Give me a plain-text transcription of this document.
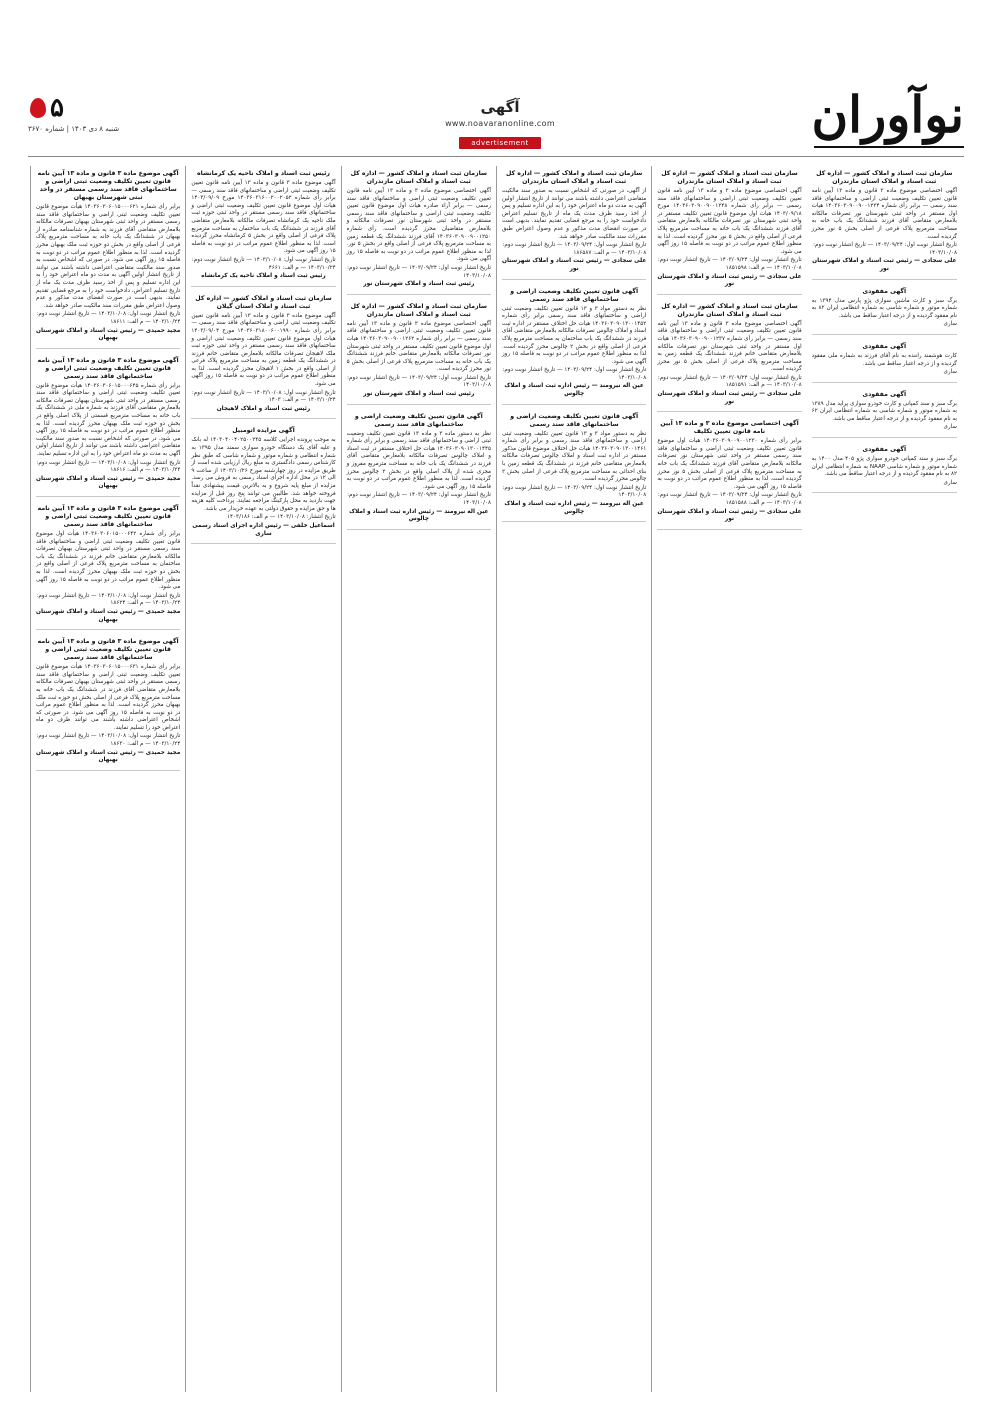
نوآوران
آگهی
www.noavaranonline.com
advertisement
۵
شنبه ۸ دی ۱۴۰۳ | شماره ۳۶۷۰
آگهی موضوع ماده ۳ قانون و ماده ۱۳ آیین نامه قانون تعیین تکلیف وضعیت ثبتی اراضی و ساختمانهای فاقد سند رسمی مستقر در واحد ثبتی شهرستان بهبهان

برابر رأی شماره ۱۴۰۳۶۰۳۰۶۰۱۵۰۰۰۶۲۱ هیأت موضوع قانون تعیین تکلیف وضعیت ثبتی اراضی و ساختمانهای فاقد سند رسمی مستقر در واحد ثبتی شهرستان بهبهان تصرفات مالکانه بلامعارض متقاضی آقای فرزند به شماره شناسنامه صادره از بهبهان در ششدانگ یک باب خانه به مساحت مترمربع پلاک فرعی از اصلی واقع در بخش دو حوزه ثبت ملک بهبهان محرز گردیده است. لذا به منظور اطلاع عموم مراتب در دو نوبت به فاصله ۱۵ روز آگهی می شود. در صورتی که اشخاص نسبت به صدور سند مالکیت متقاضی اعتراضی داشته باشند می توانند از تاریخ انتشار اولین آگهی به مدت دو ماه اعتراض خود را به این اداره تسلیم و پس از اخذ رسید ظرف مدت یک ماه از تاریخ تسلیم اعتراض، دادخواست خود را به مرجع قضایی تقدیم نمایند. بدیهی است در صورت انقضای مدت مذکور و عدم وصول اعتراض طبق مقررات سند مالکیت صادر خواهد شد.

تاریخ انتشار نوبت اول: ۱۴۰۳/۱۰/۰۸ — تاریخ انتشار نوبت دوم: ۱۴۰۳/۱۰/۲۴ — م الف: ۱۸۶۱۱
مجید حمیدی — رئیس ثبت اسناد و املاک شهرستان بهبهان
آگهی موضوع ماده ۳ قانون و ماده ۱۳ آیین نامه قانون تعیین تکلیف وضعیت ثبتی اراضی و ساختمانهای فاقد سند رسمی

برابر رأی شماره ۱۴۰۳۶۰۳۰۶۰۱۵۰۰۰۶۴۵ هیأت موضوع قانون تعیین تکلیف وضعیت ثبتی اراضی و ساختمانهای فاقد سند رسمی مستقر در واحد ثبتی شهرستان بهبهان تصرفات مالکانه بلامعارض متقاضی آقای فرزند به شماره ملی در ششدانگ یک باب خانه به مساحت مترمربع قسمتی از پلاک اصلی واقع در بخش دو حوزه ثبت ملک بهبهان محرز گردیده است. لذا به منظور اطلاع عموم مراتب در دو نوبت به فاصله ۱۵ روز آگهی می شود. در صورتی که اشخاص نسبت به صدور سند مالکیت متقاضی اعتراضی داشته باشند می توانند از تاریخ انتشار اولین آگهی به مدت دو ماه اعتراض خود را به این اداره تسلیم نمایند.

تاریخ انتشار نوبت اول: ۱۴۰۳/۱۰/۰۸ — تاریخ انتشار نوبت دوم: ۱۴۰۳/۱۰/۲۴ — م الف: ۱۸۶۱۶
مجید حمیدی — رئیس ثبت اسناد و املاک شهرستان بهبهان
آگهی موضوع ماده ۳ قانون و ماده ۱۳ آیین نامه قانون تعیین تکلیف وضعیت ثبتی اراضی و ساختمانهای فاقد سند رسمی

برابر رأی شماره ۱۴۰۳۶۰۳۰۶۰۱۵۰۰۰۶۴۲ هیأت اول موضوع قانون تعیین تکلیف وضعیت ثبتی اراضی و ساختمانهای فاقد سند رسمی مستقر در واحد ثبتی شهرستان بهبهان تصرفات مالکانه بلامعارض متقاضی خانم فرزند در ششدانگ یک باب ساختمان به مساحت مترمربع پلاک فرعی از اصلی واقع در بخش دو حوزه ثبت ملک بهبهان محرز گردیده است. لذا به منظور اطلاع عموم مراتب در دو نوبت به فاصله ۱۵ روز آگهی می شود.

تاریخ انتشار نوبت اول: ۱۴۰۳/۱۰/۰۸ — تاریخ انتشار نوبت دوم: ۱۴۰۳/۱۰/۲۴ — م الف: ۱۸۶۲۴
مجید حمیدی — رئیس ثبت اسناد و املاک شهرستان بهبهان
آگهی موضوع ماده ۳ قانون و ماده ۱۳ آیین نامه قانون تعیین تکلیف وضعیت ثبتی اراضی و ساختمانهای فاقد سند رسمی

برابر رأی شماره ۱۴۰۳۶۰۳۰۶۰۱۵۰۰۰۶۳۱ هیأت موضوع قانون تعیین تکلیف وضعیت ثبتی اراضی و ساختمانهای فاقد سند رسمی مستقر در واحد ثبتی شهرستان بهبهان تصرفات مالکانه بلامعارض متقاضی آقای فرزند در ششدانگ یک باب خانه به مساحت مترمربع پلاک فرعی از اصلی بخش دو حوزه ثبت ملک بهبهان محرز گردیده است. لذا به منظور اطلاع عموم مراتب در دو نوبت به فاصله ۱۵ روز آگهی می شود. در صورتی که اشخاص اعتراضی داشته باشند می توانند ظرف دو ماه اعتراض خود را تسلیم نمایند.

تاریخ انتشار نوبت اول: ۱۴۰۳/۱۰/۰۸ — تاریخ انتشار نوبت دوم: ۱۴۰۳/۱۰/۲۴ — م الف: ۱۸۶۳۰
مجید حمیدی — رئیس ثبت اسناد و املاک شهرستان بهبهان
رئیس ثبت اسناد و املاک ناحیه یک کرمانشاه

آگهی موضوع ماده ۳ قانون و ماده ۱۳ آیین نامه قانون تعیین تکلیف وضعیت ثبتی اراضی و ساختمانهای فاقد سند رسمی — برابر رأی شماره ۱۴۰۳۶۰۳۱۶۰۰۲۰۰۲۰۵۲ مورخ ۱۴۰۳/۰۹/۰۹ هیات اول موضوع قانون تعیین تکلیف وضعیت ثبتی اراضی و ساختمانهای فاقد سند رسمی مستقر در واحد ثبتی حوزه ثبت ملک ناحیه یک کرمانشاه تصرفات مالکانه بلامعارض متقاضی آقای فرزند در ششدانگ یک باب ساختمان به مساحت مترمربع پلاک فرعی از اصلی واقع در بخش ۵ کرمانشاه محرز گردیده است. لذا به منظور اطلاع عموم مراتب در دو نوبت به فاصله ۱۵ روز آگهی می شود.

تاریخ انتشار نوبت اول: ۱۴۰۳/۱۰/۰۸ — تاریخ انتشار نوبت دوم: ۱۴۰۳/۱۰/۲۴ — م الف: ۴۶۶۱
رئیس ثبت اسناد و املاک ناحیه یک کرمانشاه
سازمان ثبت اسناد و املاک کشور — اداره کل ثبت اسناد و املاک استان گیلان

آگهی موضوع ماده ۳ قانون و ماده ۱۳ آیین نامه قانون تعیین تکلیف وضعیت ثبتی اراضی و ساختمانهای فاقد سند رسمی — برابر رأی شماره ۱۴۰۳۶۰۳۱۸۰۰۶۰۰۱۹۹۰ مورخ ۱۴۰۳/۰۹/۰۴ هیات اول موضوع قانون تعیین تکلیف وضعیت ثبتی اراضی و ساختمانهای فاقد سند رسمی مستقر در واحد ثبتی حوزه ثبت ملک لاهیجان تصرفات مالکانه بلامعارض متقاضی خانم فرزند در ششدانگ یک قطعه زمین به مساحت مترمربع پلاک فرعی از اصلی واقع در بخش ۱ لاهیجان محرز گردیده است. لذا به منظور اطلاع عموم مراتب در دو نوبت به فاصله ۱۵ روز آگهی می شود.

تاریخ انتشار نوبت اول: ۱۴۰۳/۱۰/۰۸ — تاریخ انتشار نوبت دوم: ۱۴۰۳/۱۰/۲۴ — م الف: ۱۴۰۳
رئیس ثبت اسناد و املاک لاهیجان
آگهی مزایده اتومبیل

به موجب پرونده اجرایی کلاسه ۱۴۰۳۰۴۰۰۴۰۲۵۰۰۲۴۵ له بانک و علیه آقای یک دستگاه خودرو سواری سمند مدل ۱۳۹۵ به شماره انتظامی و شماره موتور و شماره شاسی که طبق نظر کارشناس رسمی دادگستری به مبلغ ریال ارزیابی شده است از طریق مزایده در روز چهارشنبه مورخ ۱۴۰۳/۱۰/۲۶ از ساعت ۹ الی ۱۲ در محل اداره اجرای اسناد رسمی به فروش می رسد. مزایده از مبلغ پایه شروع و به بالاترین قیمت پیشنهادی نقداً فروخته خواهد شد. طالبین می توانند پنج روز قبل از مزایده جهت بازدید به محل پارکینگ مراجعه نمایند. پرداخت کلیه هزینه ها و حق مزایده و حقوق دولتی به عهده خریدار می باشد.

تاریخ انتشار: ۱۴۰۳/۱۰/۰۸ — م الف: ۱۴۰۳/۱۸۶
اسماعیل خلفی — رئیس اداره اجرای اسناد رسمی ساری
سازمان ثبت اسناد و املاک کشور — اداره کل ثبت اسناد و املاک استان مازندران

آگهی اختصاصی موضوع ماده ۳ و ماده ۱۳ آیین نامه قانون تعیین تکلیف وضعیت ثبتی اراضی و ساختمانهای فاقد سند رسمی — برابر آراء صادره هیات اول موضوع قانون تعیین تکلیف وضعیت ثبتی اراضی و ساختمانهای فاقد سند رسمی مستقر در واحد ثبتی شهرستان نور تصرفات مالکانه و بلامعارض متقاضیان محرز گردیده است. رأی شماره ۱۴۰۳۶۰۳۰۹۰۰۹۰۰۱۲۵۰ آقای فرزند ششدانگ یک قطعه زمین به مساحت مترمربع پلاک فرعی از اصلی واقع در بخش ۵ نور. لذا به منظور اطلاع عموم مراتب در دو نوبت به فاصله ۱۵ روز آگهی می شود.

تاریخ انتشار نوبت اول: ۱۴۰۳/۰۹/۲۴ — تاریخ انتشار نوبت دوم: ۱۴۰۳/۱۰/۰۸
رئیس ثبت اسناد و املاک شهرستان نور
سازمان ثبت اسناد و املاک کشور — اداره کل ثبت اسناد و املاک استان مازندران

آگهی اختصاصی موضوع ماده ۳ قانون و ماده ۱۳ آیین نامه قانون تعیین تکلیف وضعیت ثبتی اراضی و ساختمانهای فاقد سند رسمی — برابر رأی شماره ۱۴۰۳۶۰۳۰۹۰۰۹۰۰۱۲۶۲ هیات اول موضوع قانون تعیین تکلیف مستقر در واحد ثبتی شهرستان نور تصرفات مالکانه بلامعارض متقاضی خانم فرزند ششدانگ یک باب خانه به مساحت مترمربع پلاک فرعی از اصلی بخش ۵ نور محرز گردیده است.

تاریخ انتشار نوبت اول: ۱۴۰۳/۰۹/۲۴ — تاریخ انتشار نوبت دوم: ۱۴۰۳/۱۰/۰۸
رئیس ثبت اسناد و املاک شهرستان نور
آگهی قانون تعیین تکلیف وضعیت اراضی و ساختمانهای فاقد سند رسمی

نظر به دستور ماده ۳ و ماده ۱۳ قانون تعیین تکلیف وضعیت ثبتی اراضی و ساختمانهای فاقد سند رسمی و برابر رأی شماره ۱۴۰۳۶۰۳۰۹۰۱۳۰۰۱۴۴۵ هیات حل اختلاف مستقر در ثبت اسناد و املاک چالوس تصرفات مالکانه بلامعارض متقاضی آقای فرزند در ششدانگ یک باب خانه به مساحت مترمربع مفروز و مجزی شده از پلاک اصلی واقع در بخش ۲ چالوس محرز گردیده است. لذا به منظور اطلاع عموم مراتب در دو نوبت به فاصله ۱۵ روز آگهی می شود.

تاریخ انتشار نوبت اول: ۱۴۰۳/۰۹/۲۴ — تاریخ انتشار نوبت دوم: ۱۴۰۳/۱۰/۰۸
عین اله نیرومند — رئیس اداره ثبت اسناد و املاک چالوس
سازمان ثبت اسناد و املاک کشور — اداره کل ثبت اسناد و املاک استان مازندران

از آگهی، در صورتی که اشخاص نسبت به صدور سند مالکیت متقاضی اعتراضی داشته باشند می توانند از تاریخ انتشار اولین آگهی به مدت دو ماه اعتراض خود را به این اداره تسلیم و پس از اخذ رسید ظرف مدت یک ماه از تاریخ تسلیم اعتراض دادخواست خود را به مرجع قضایی تقدیم نمایند. بدیهی است در صورت انقضای مدت مذکور و عدم وصول اعتراض طبق مقررات سند مالکیت صادر خواهد شد.

تاریخ انتشار نوبت اول: ۱۴۰۳/۰۹/۲۴ — تاریخ انتشار نوبت دوم: ۱۴۰۳/۱۰/۰۸ — م الف: ۱۸۶۵۸۷
علی سجادی — رئیس ثبت اسناد و املاک شهرستان نور
آگهی قانون تعیین تکلیف وضعیت اراضی و ساختمانهای فاقد سند رسمی

نظر به دستور مواد ۳ و ۱۳ قانون تعیین تکلیف وضعیت ثبتی اراضی و ساختمانهای فاقد سند رسمی برابر رأی شماره ۱۴۰۳۶۰۳۰۹۰۱۳۰۰۱۴۵۲ هیات حل اختلاف مستقر در اداره ثبت اسناد و املاک چالوس تصرفات مالکانه بلامعارض متقاضی آقای فرزند در ششدانگ یک باب ساختمان به مساحت مترمربع پلاک فرعی از اصلی واقع در بخش ۲ چالوس محرز گردیده است. لذا به منظور اطلاع عموم مراتب در دو نوبت به فاصله ۱۵ روز آگهی می شود.

تاریخ انتشار نوبت اول: ۱۴۰۳/۰۹/۲۴ — تاریخ انتشار نوبت دوم: ۱۴۰۳/۱۰/۰۸
عین اله نیرومند — رئیس اداره ثبت اسناد و املاک چالوس
آگهی قانون تعیین تکلیف وضعیت اراضی و ساختمانهای فاقد سند رسمی

نظر به دستور مواد ۳ و ۱۳ قانون تعیین تکلیف وضعیت ثبتی اراضی و ساختمانهای فاقد سند رسمی و برابر رأی شماره ۱۴۰۳۶۰۳۰۹۰۱۳۰۰۱۴۶۱ هیات حل اختلاف موضوع قانون مذکور مستقر در اداره ثبت اسناد و املاک چالوس تصرفات مالکانه بلامعارض متقاضی خانم فرزند در ششدانگ یک قطعه زمین با بنای احداثی به مساحت مترمربع پلاک فرعی از اصلی بخش ۲ چالوس محرز گردیده است.

تاریخ انتشار نوبت اول: ۱۴۰۳/۰۹/۲۴ — تاریخ انتشار نوبت دوم: ۱۴۰۳/۱۰/۰۸
عین اله نیرومند — رئیس اداره ثبت اسناد و املاک چالوس
سازمان ثبت اسناد و املاک کشور — اداره کل ثبت اسناد و املاک استان مازندران

آگهی اختصاصی موضوع ماده ۳ و ماده ۱۳ آیین نامه قانون تعیین تکلیف وضعیت ثبتی اراضی و ساختمانهای فاقد سند رسمی — برابر رأی شماره ۱۴۰۳۶۰۳۰۹۰۰۹۰۰۱۲۴۸ مورخ ۱۴۰۳/۰۹/۱۸ هیات اول موضوع قانون تعیین تکلیف مستقر در واحد ثبتی شهرستان نور تصرفات مالکانه بلامعارض متقاضی آقای فرزند ششدانگ یک باب خانه به مساحت مترمربع پلاک فرعی از اصلی واقع در بخش ۵ نور محرز گردیده است. لذا به منظور اطلاع عموم مراتب در دو نوبت به فاصله ۱۵ روز آگهی می شود.

تاریخ انتشار نوبت اول: ۱۴۰۳/۰۹/۲۴ — تاریخ انتشار نوبت دوم: ۱۴۰۳/۱۰/۰۸ — م الف: ۱۸۵۱۵۹۸
علی سجادی — رئیس ثبت اسناد و املاک شهرستان نور
سازمان ثبت اسناد و املاک کشور — اداره کل ثبت اسناد و املاک استان مازندران

آگهی اختصاصی موضوع ماده ۳ قانون و ماده ۱۳ آیین نامه قانون تعیین تکلیف وضعیت ثبتی اراضی و ساختمانهای فاقد سند رسمی — برابر رأی شماره ۱۴۰۳۶۰۳۰۹۰۰۹۰۰۱۲۳۷ هیات اول مستقر در واحد ثبتی شهرستان نور تصرفات مالکانه بلامعارض متقاضی خانم فرزند ششدانگ یک قطعه زمین به مساحت مترمربع پلاک فرعی از اصلی بخش ۵ نور محرز گردیده است.

تاریخ انتشار نوبت اول: ۱۴۰۳/۰۹/۲۴ — تاریخ انتشار نوبت دوم: ۱۴۰۳/۱۰/۰۸ — م الف: ۱۸۵۱۵۹۱
علی سجادی — رئیس ثبت اسناد و املاک شهرستان نور
آگهی اختصاصی موضوع ماده ۳ و ماده ۱۳ آیین نامه قانون تعیین تکلیف

برابر رأی شماره ۱۴۰۳۶۰۳۰۹۰۰۹۰۰۱۲۳۰ هیات اول موضوع قانون تعیین تکلیف وضعیت ثبتی اراضی و ساختمانهای فاقد سند رسمی مستقر در واحد ثبتی شهرستان نور تصرفات مالکانه بلامعارض متقاضی آقای فرزند ششدانگ یک باب خانه به مساحت مترمربع پلاک فرعی از اصلی بخش ۵ نور محرز گردیده است. لذا به منظور اطلاع عموم مراتب در دو نوبت به فاصله ۱۵ روز آگهی می شود.

تاریخ انتشار نوبت اول: ۱۴۰۳/۰۹/۲۴ — تاریخ انتشار نوبت دوم: ۱۴۰۳/۱۰/۰۸ — م الف: ۱۸۵۱۵۸۸
علی سجادی — رئیس ثبت اسناد و املاک شهرستان نور
سازمان ثبت اسناد و املاک کشور — اداره کل ثبت اسناد و املاک استان مازندران

آگهی اختصاصی موضوع ماده ۳ قانون و ماده ۱۳ آیین نامه قانون تعیین تکلیف وضعیت ثبتی اراضی و ساختمانهای فاقد سند رسمی — برابر رأی شماره ۱۴۰۳۶۰۳۰۹۰۰۹۰۰۱۲۲۴ هیات اول مستقر در واحد ثبتی شهرستان نور تصرفات مالکانه بلامعارض متقاضی آقای فرزند ششدانگ یک باب خانه به مساحت مترمربع پلاک فرعی از اصلی بخش ۵ نور محرز گردیده است.

تاریخ انتشار نوبت اول: ۱۴۰۳/۰۹/۲۴ — تاریخ انتشار نوبت دوم: ۱۴۰۳/۱۰/۰۸
علی سجادی — رئیس ثبت اسناد و املاک شهرستان نور
آگهی مفقودی

برگ سبز و کارت ماشین سواری پژو پارس مدل ۱۳۹۴ به شماره موتور و شماره شاسی به شماره انتظامی ایران ۸۲ به نام مفقود گردیده و از درجه اعتبار ساقط می باشد.

ساری
آگهی مفقودی

کارت هوشمند راننده به نام آقای فرزند به شماره ملی مفقود گردیده و از درجه اعتبار ساقط می باشد.

ساری
آگهی مفقودی

برگ سبز و سند کمپانی و کارت خودرو سواری پراید مدل ۱۳۸۹ به شماره موتور و شماره شاسی به شماره انتظامی ایران ۶۲ به نام مفقود گردیده و از درجه اعتبار ساقط می باشد.

ساری
آگهی مفقودی

برگ سبز و سند کمپانی خودرو سواری پژو ۴۰۵ مدل ۱۴۰۰ به شماره موتور و شماره شاسی NAAP به شماره انتظامی ایران ۸۲ به نام مفقود گردیده و از درجه اعتبار ساقط می باشد.

ساری
